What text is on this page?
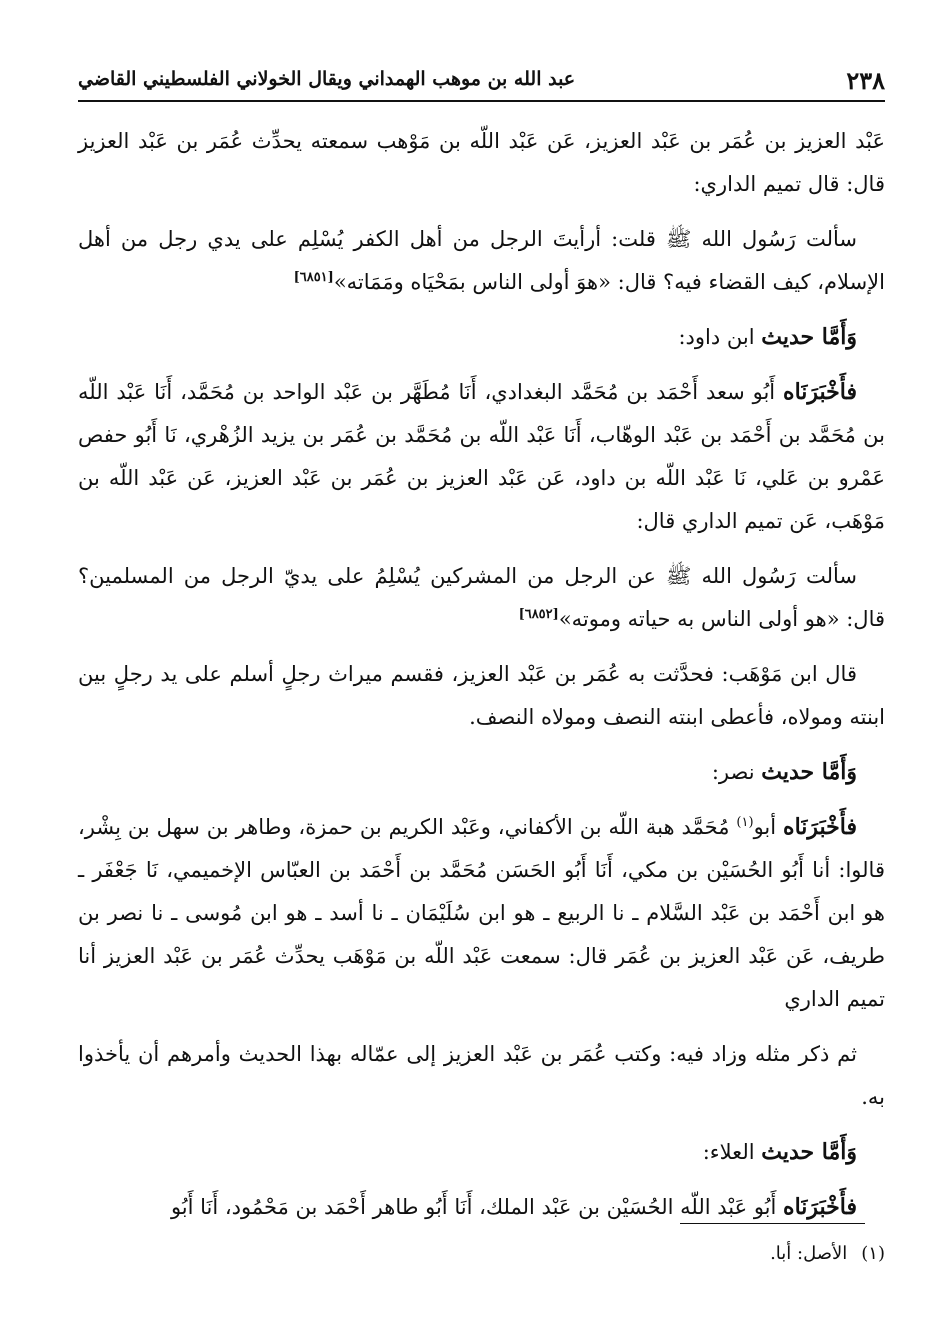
٢٣٨
عبد الله بن موهب الهمداني ويقال الخولاني الفلسطيني القاضي

عَبْد العزيز بن عُمَر بن عَبْد العزيز، عَن عَبْد اللّه بن مَوْهب سمعته يحدِّث عُمَر بن عَبْد العزيز قال: قال تميم الداري:

سألت رَسُول الله ﷺ قلت: أرأيتَ الرجل من أهل الكفر يُسْلِم على يدي رجل من أهل الإسلام، كيف القضاء فيه؟ قال: «هوَ أولى الناس بمَحْيَاه ومَمَاته»[٦٨٥١]

وَأَمَّا حديث ابن داود:

فأَخْبَرَنَاه أَبُو سعد أَحْمَد بن مُحَمَّد البغدادي، أَنَا مُطَهَّر بن عَبْد الواحد بن مُحَمَّد، أَنَا عَبْد اللّه بن مُحَمَّد بن أَحْمَد بن عَبْد الوهّاب، أَنَا عَبْد اللّه بن مُحَمَّد بن عُمَر بن يزيد الزُهْري، نَا أَبُو حفص عَمْرو بن عَلي، نَا عَبْد اللّه بن داود، عَن عَبْد العزيز بن عُمَر بن عَبْد العزيز، عَن عَبْد اللّه بن مَوْهَب، عَن تميم الداري قال:

سألت رَسُول الله ﷺ عن الرجل من المشركين يُسْلِمُ على يديّ الرجل من المسلمين؟ قال: «هو أولى الناس به حياته وموته»[٦٨٥٢]

قال ابن مَوْهَب: فحدَّثت به عُمَر بن عَبْد العزيز، فقسم ميراث رجلٍ أسلم على يد رجلٍ بين ابنته ومولاه، فأعطى ابنته النصف ومولاه النصف.

وَأَمَّا حديث نصر:

فأَخْبَرَنَاه أبو$^{(١)}$ مُحَمَّد هبة اللّه بن الأكفاني، وعَبْد الكريم بن حمزة، وطاهر بن سهل بن بِشْر، قالوا: أنا أَبُو الحُسَيْن بن مكي، أَنَا أَبُو الحَسَن مُحَمَّد بن أَحْمَد بن العبّاس الإخميمي، نَا جَعْفَر ـ هو ابن أَحْمَد بن عَبْد السَّلام ـ نا الربيع ـ هو ابن سُلَيْمَان ـ نا أسد ـ هو ابن مُوسى ـ نا نصر بن طريف، عَن عَبْد العزيز بن عُمَر قال: سمعت عَبْد اللّه بن مَوْهَب يحدِّث عُمَر بن عَبْد العزيز أنا تميم الداري

ثم ذكر مثله وزاد فيه: وكتب عُمَر بن عَبْد العزيز إلى عمّاله بهذا الحديث وأمرهم أن يأخذوا به.

وَأَمَّا حديث العلاء:

فأَخْبَرَنَاه أَبُو عَبْد اللّه الحُسَيْن بن عَبْد الملك، أَنَا أَبُو طاهر أَحْمَد بن مَحْمُود، أَنَا أَبُو

(١)الأصل: أبا.
